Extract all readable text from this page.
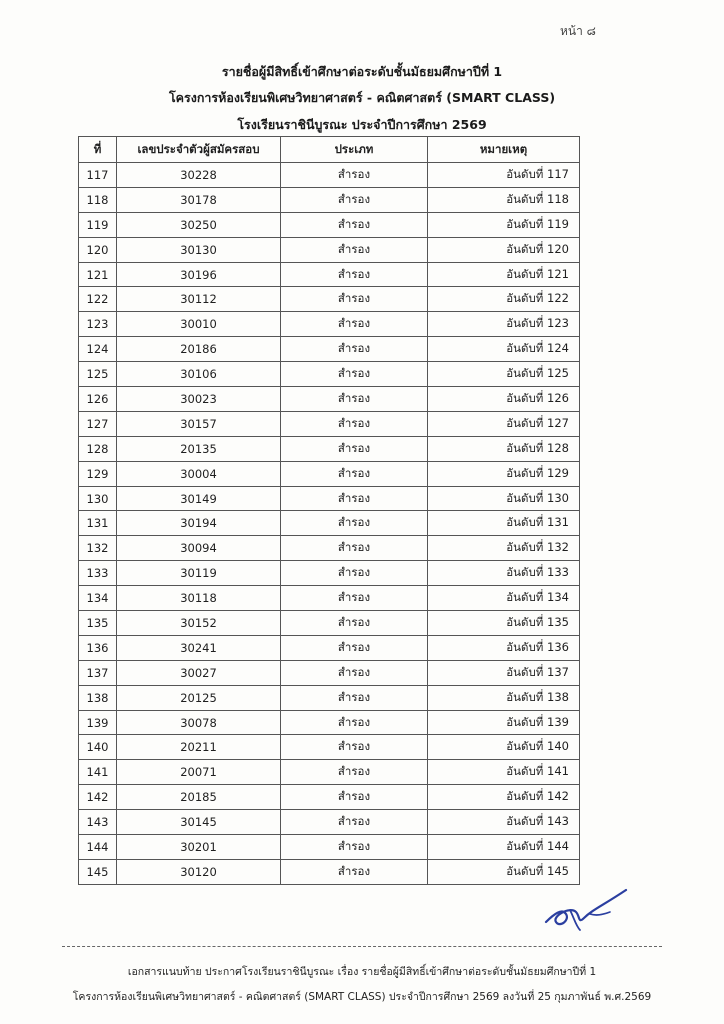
หน้า ๘
รายชื่อผู้มีสิทธิ์เข้าศึกษาต่อระดับชั้นมัธยมศึกษาปีที่ 1
โครงการห้องเรียนพิเศษวิทยาศาสตร์ - คณิตศาสตร์ (SMART CLASS)
โรงเรียนราชินีบูรณะ ประจำปีการศึกษา 2569
ที่	เลขประจำตัวผู้สมัครสอบ	ประเภท	หมายเหตุ
117	30228	สำรอง	อันดับที่ 117
118	30178	สำรอง	อันดับที่ 118
119	30250	สำรอง	อันดับที่ 119
120	30130	สำรอง	อันดับที่ 120
121	30196	สำรอง	อันดับที่ 121
122	30112	สำรอง	อันดับที่ 122
123	30010	สำรอง	อันดับที่ 123
124	20186	สำรอง	อันดับที่ 124
125	30106	สำรอง	อันดับที่ 125
126	30023	สำรอง	อันดับที่ 126
127	30157	สำรอง	อันดับที่ 127
128	20135	สำรอง	อันดับที่ 128
129	30004	สำรอง	อันดับที่ 129
130	30149	สำรอง	อันดับที่ 130
131	30194	สำรอง	อันดับที่ 131
132	30094	สำรอง	อันดับที่ 132
133	30119	สำรอง	อันดับที่ 133
134	30118	สำรอง	อันดับที่ 134
135	30152	สำรอง	อันดับที่ 135
136	30241	สำรอง	อันดับที่ 136
137	30027	สำรอง	อันดับที่ 137
138	20125	สำรอง	อันดับที่ 138
139	30078	สำรอง	อันดับที่ 139
140	20211	สำรอง	อันดับที่ 140
141	20071	สำรอง	อันดับที่ 141
142	20185	สำรอง	อันดับที่ 142
143	30145	สำรอง	อันดับที่ 143
144	30201	สำรอง	อันดับที่ 144
145	30120	สำรอง	อันดับที่ 145
เอกสารแนบท้าย ประกาศโรงเรียนราชินีบูรณะ เรื่อง รายชื่อผู้มีสิทธิ์เข้าศึกษาต่อระดับชั้นมัธยมศึกษาปีที่ 1
โครงการห้องเรียนพิเศษวิทยาศาสตร์ - คณิตศาสตร์ (SMART CLASS) ประจำปีการศึกษา 2569 ลงวันที่ 25 กุมภาพันธ์ พ.ศ.2569
